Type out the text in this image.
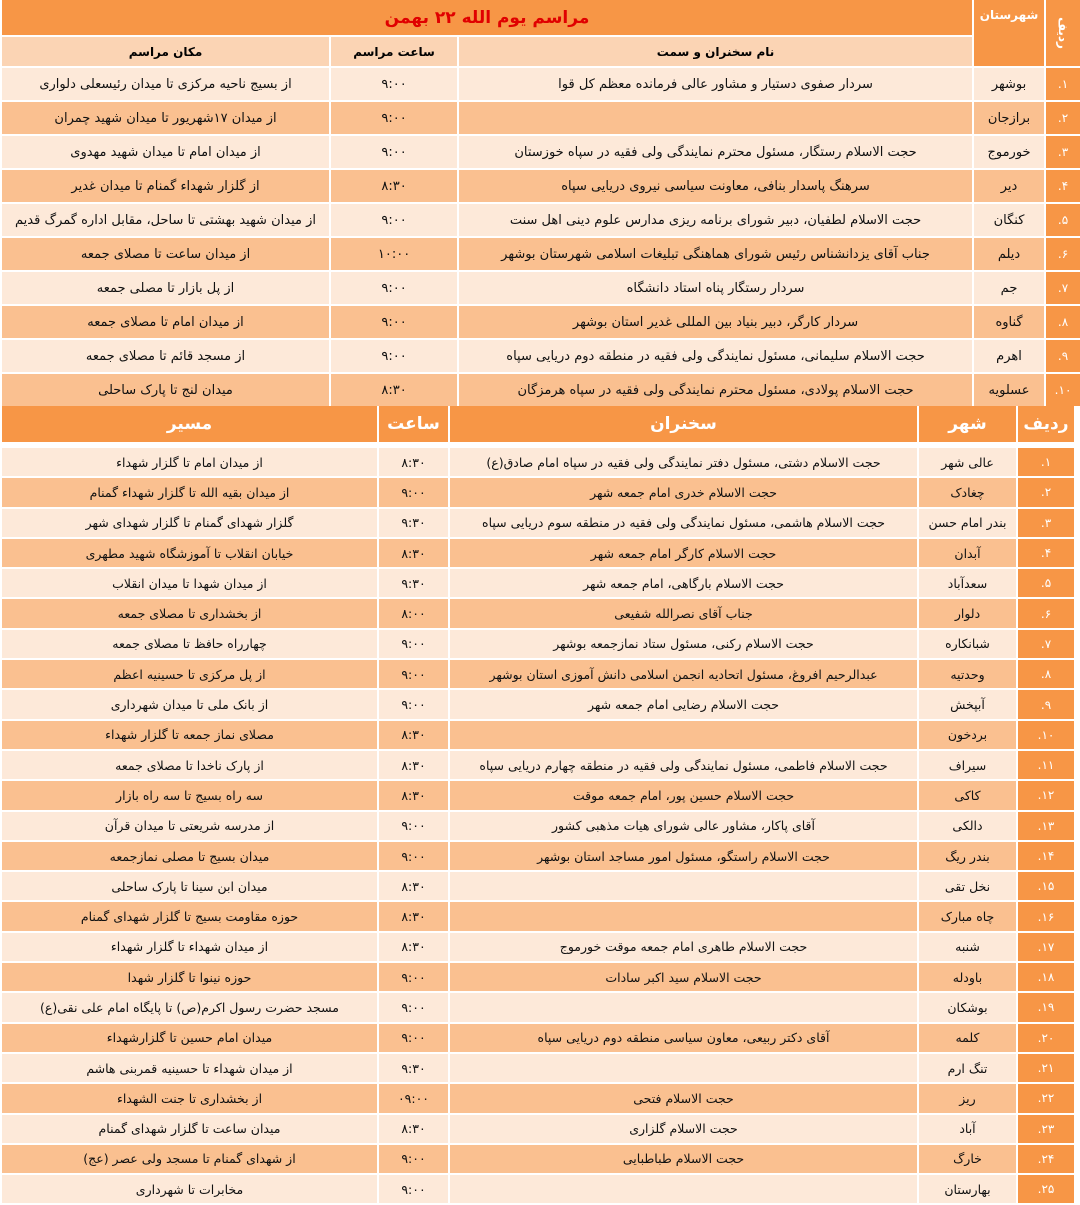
ردیف	شهرستان	مراسم یوم الله ۲۲ بهمن		
		نام سخنران و سمت	ساعت مراسم	مکان مراسم
۱.	بوشهر	سردار صفوی دستیار و مشاور عالی فرمانده معظم کل قوا	۹:۰۰	از بسیج ناحیه مرکزی تا میدان رئیسعلی دلواری
۲.	برازجان		۹:۰۰	از میدان ۱۷شهریور تا میدان شهید چمران
۳.	خورموج	حجت الاسلام رستگار، مسئول محترم نمایندگی ولی فقیه در سپاه خوزستان	۹:۰۰	از میدان امام تا میدان شهید مهدوی
۴.	دیر	سرهنگ پاسدار بنافی، معاونت سیاسی نیروی دریایی سپاه	۸:۳۰	از گلزار شهداء گمنام تا میدان غدیر
۵.	کنگان	حجت الاسلام لطفیان، دبیر شورای برنامه ریزی مدارس علوم دینی اهل سنت	۹:۰۰	از میدان شهید بهشتی تا ساحل، مقابل اداره گمرگ قدیم
۶.	دیلم	جناب آقای یزدانشناس رئیس شورای هماهنگی تبلیغات اسلامی شهرستان بوشهر	۱۰:۰۰	از میدان ساعت تا مصلای جمعه
۷.	جم	سردار رستگار پناه استاد دانشگاه	۹:۰۰	از پل بازار تا مصلی جمعه
۸.	گناوه	سردار کارگر، دبیر بنیاد بین المللی غدیر استان بوشهر	۹:۰۰	از میدان امام تا مصلای جمعه
۹.	اهرم	حجت الاسلام سلیمانی، مسئول نمایندگی ولی فقیه در منطقه دوم دریایی سپاه	۹:۰۰	از مسجد قائم تا مصلای جمعه
۱۰.	عسلویه	حجت الاسلام پولادی، مسئول محترم نمایندگی ولی فقیه در سپاه هرمزگان	۸:۳۰	میدان لنج تا پارک ساحلی
ردیف	شهر	سخنران	ساعت	مسیر
۱.	عالی شهر	حجت الاسلام دشتی، مسئول دفتر نمایندگی ولی فقیه در سپاه امام صادق(ع)	۸:۳۰	از میدان امام تا گلزار شهداء
۲.	چغادک	حجت الاسلام خدری امام جمعه شهر	۹:۰۰	از میدان بقیه الله تا گلزار شهداء گمنام
۳.	بندر امام حسن	حجت الاسلام هاشمی، مسئول نمایندگی ولی فقیه در منطقه سوم دریایی سپاه	۹:۳۰	گلزار شهدای گمنام تا گلزار شهدای شهر
۴.	آبدان	حجت الاسلام کارگر امام جمعه شهر	۸:۳۰	خیابان انقلاب تا آموزشگاه شهید مطهری
۵.	سعدآباد	حجت الاسلام بارگاهی، امام جمعه شهر	۹:۳۰	از میدان شهدا تا میدان انقلاب
۶.	دلوار	جناب آقای نصرالله شفیعی	۸:۰۰	از بخشداری تا مصلای جمعه
۷.	شبانکاره	حجت الاسلام رکنی، مسئول ستاد نمازجمعه بوشهر	۹:۰۰	چهارراه حافظ تا مصلای جمعه
۸.	وحدتیه	عبدالرحیم افروغ، مسئول اتحادیه انجمن اسلامی دانش آموزی استان بوشهر	۹:۰۰	از پل مرکزی تا حسینیه اعظم
۹.	آبپخش	حجت الاسلام رضایی امام جمعه شهر	۹:۰۰	از بانک ملی تا میدان شهرداری
۱۰.	بردخون		۸:۳۰	مصلای نماز جمعه تا گلزار شهداء
۱۱.	سیراف	حجت الاسلام فاطمی، مسئول نمایندگی ولی فقیه در منطقه چهارم دریایی سپاه	۸:۳۰	از پارک ناخدا تا مصلای جمعه
۱۲.	کاکی	حجت الاسلام حسین پور، امام جمعه موقت	۸:۳۰	سه راه بسیج تا سه راه بازار
۱۳.	دالکی	آقای پاکار، مشاور عالی شورای هیات مذهبی کشور	۹:۰۰	از مدرسه شریعتی تا میدان قرآن
۱۴.	بندر ریگ	حجت الاسلام راستگو، مسئول امور مساجد استان بوشهر	۹:۰۰	میدان بسیج تا مصلی نمازجمعه
۱۵.	نخل تقی		۸:۳۰	میدان ابن سینا تا پارک ساحلی
۱۶.	چاه مبارک		۸:۳۰	حوزه مقاومت بسیج تا گلزار شهدای گمنام
۱۷.	شنبه	حجت الاسلام طاهری امام جمعه موقت خورموج	۸:۳۰	از میدان شهداء تا گلزار شهداء
۱۸.	باودله	حجت الاسلام سید اکبر سادات	۹:۰۰	حوزه نینوا تا گلزار شهدا
۱۹.	بوشکان		۹:۰۰	مسجد حضرت رسول اکرم(ص) تا پایگاه امام علی نقی(ع)
۲۰.	کلمه	آقای دکتر ربیعی، معاون سیاسی منطقه دوم دریایی سپاه	۹:۰۰	میدان امام حسین تا گلزارشهداء
۲۱.	تنگ ارم		۹:۳۰	از میدان شهداء تا حسینیه قمربنی هاشم
۲۲.	ریز	حجت الاسلام فتحی	۰۹:۰۰	از بخشداری تا جنت الشهداء
۲۳.	آباد	حجت الاسلام گلزاری	۸:۳۰	میدان ساعت تا گلزار شهدای گمنام
۲۴.	خارگ	حجت الاسلام طباطبایی	۹:۰۰	از شهدای گمنام تا مسجد ولی عصر (عج)
۲۵.	بهارستان		۹:۰۰	مخابرات تا شهرداری
